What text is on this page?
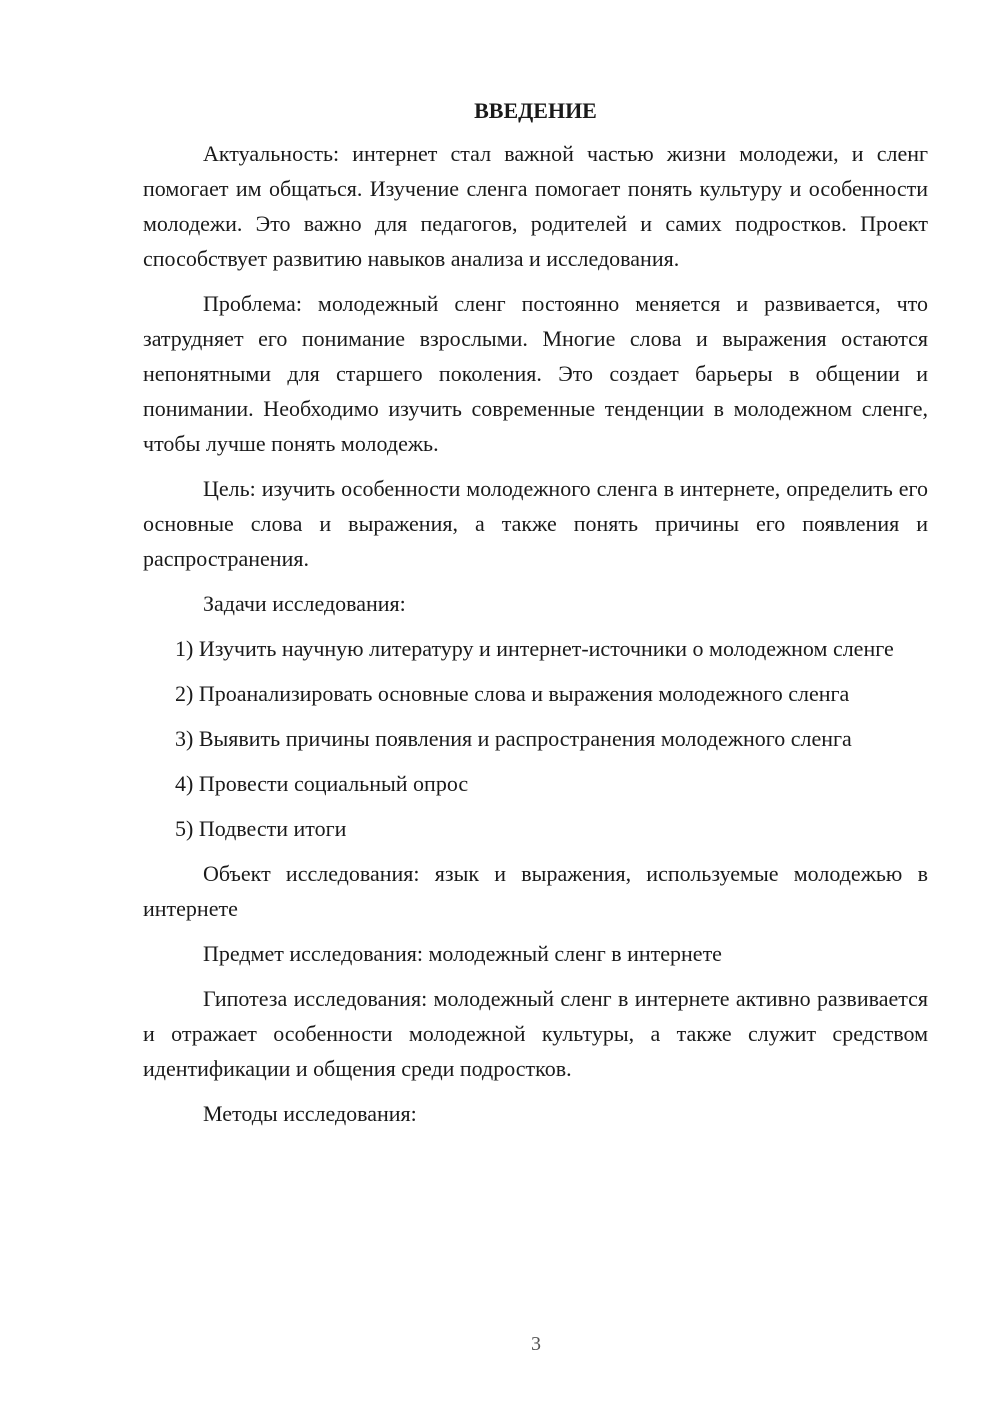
ВВЕДЕНИЕ

Актуальность: интернет стал важной частью жизни молодежи, и сленг помогает им общаться. Изучение сленга помогает понять культуру и особенности молодежи. Это важно для педагогов, родителей и самих подростков. Проект способствует развитию навыков анализа и исследования.

Проблема: молодежный сленг постоянно меняется и развивается, что затрудняет его понимание взрослыми. Многие слова и выражения остаются непонятными для старшего поколения. Это создает барьеры в общении и понимании. Необходимо изучить современные тенденции в молодежном сленге, чтобы лучше понять молодежь.

Цель: изучить особенности молодежного сленга в интернете, определить его основные слова и выражения, а также понять причины его появления и распространения.

Задачи исследования:

1) Изучить научную литературу и интернет-источники о молодежном сленге

2) Проанализировать основные слова и выражения молодежного сленга

3) Выявить причины появления и распространения молодежного сленга

4) Провести социальный опрос

5) Подвести итоги

Объект исследования: язык и выражения, используемые молодежью в интернете

Предмет исследования: молодежный сленг в интернете

Гипотеза исследования: молодежный сленг в интернете активно развивается и отражает особенности молодежной культуры, а также служит средством идентификации и общения среди подростков.

Методы исследования:

3
